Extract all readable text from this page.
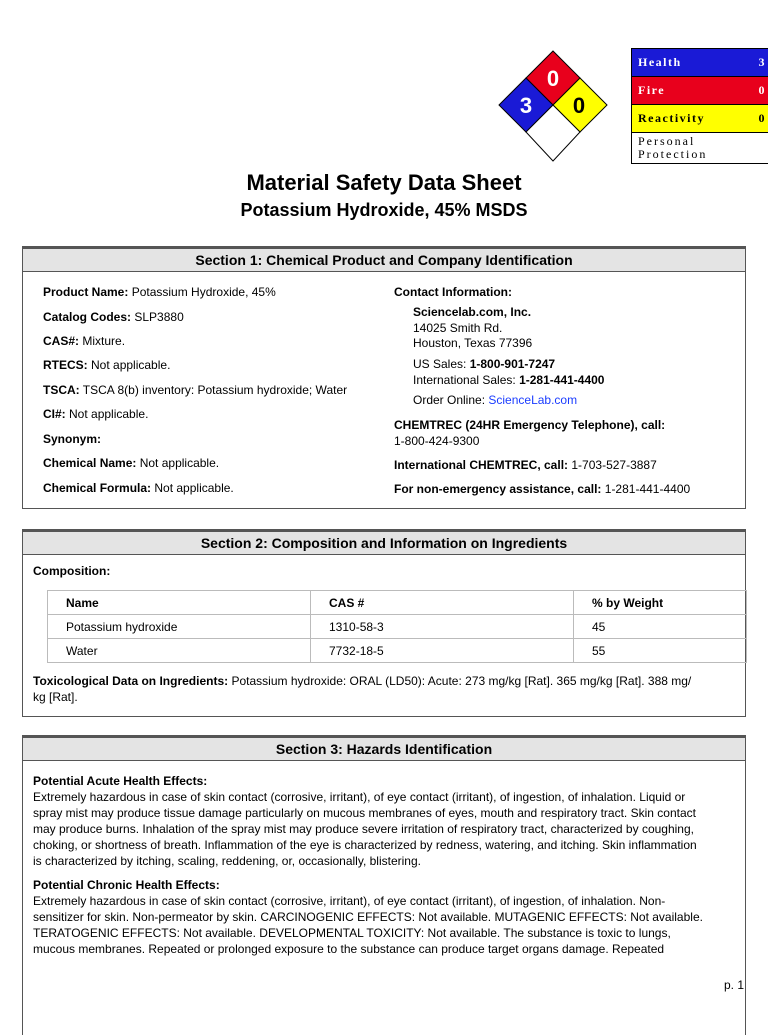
0
3 0
Health	3
Fire	0
Reactivity	0
Personal
Protection
Material Safety Data Sheet
Potassium Hydroxide, 45% MSDS
Section 1: Chemical Product and Company Identification
Product Name: Potassium Hydroxide, 45%
Catalog Codes: SLP3880
CAS#: Mixture.
RTECS: Not applicable.
TSCA: TSCA 8(b) inventory: Potassium hydroxide; Water
CI#: Not applicable.
Synonym:
Chemical Name: Not applicable.
Chemical Formula: Not applicable.
Contact Information:
Sciencelab.com, Inc.
14025 Smith Rd.
Houston, Texas 77396
US Sales: 1-800-901-7247
International Sales: 1-281-441-4400
Order Online: ScienceLab.com
CHEMTREC (24HR Emergency Telephone), call:
1-800-424-9300
International CHEMTREC, call: 1-703-527-3887
For non-emergency assistance, call: 1-281-441-4400
Section 2: Composition and Information on Ingredients
Composition:
Name	CAS #	% by Weight
Potassium hydroxide	1310-58-3	45
Water	7732-18-5	55
Toxicological Data on Ingredients: Potassium hydroxide: ORAL (LD50): Acute: 273 mg/kg [Rat]. 365 mg/kg [Rat]. 388 mg/
kg [Rat].
Section 3: Hazards Identification
Potential Acute Health Effects:
Extremely hazardous in case of skin contact (corrosive, irritant), of eye contact (irritant), of ingestion, of inhalation. Liquid or
spray mist may produce tissue damage particularly on mucous membranes of eyes, mouth and respiratory tract. Skin contact
may produce burns. Inhalation of the spray mist may produce severe irritation of respiratory tract, characterized by coughing,
choking, or shortness of breath. Inflammation of the eye is characterized by redness, watering, and itching. Skin inflammation
is characterized by itching, scaling, reddening, or, occasionally, blistering.
Potential Chronic Health Effects:
Extremely hazardous in case of skin contact (corrosive, irritant), of eye contact (irritant), of ingestion, of inhalation. Non-
sensitizer for skin. Non-permeator by skin. CARCINOGENIC EFFECTS: Not available. MUTAGENIC EFFECTS: Not available.
TERATOGENIC EFFECTS: Not available. DEVELOPMENTAL TOXICITY: Not available. The substance is toxic to lungs,
mucous membranes. Repeated or prolonged exposure to the substance can produce target organs damage. Repeated
p. 1
